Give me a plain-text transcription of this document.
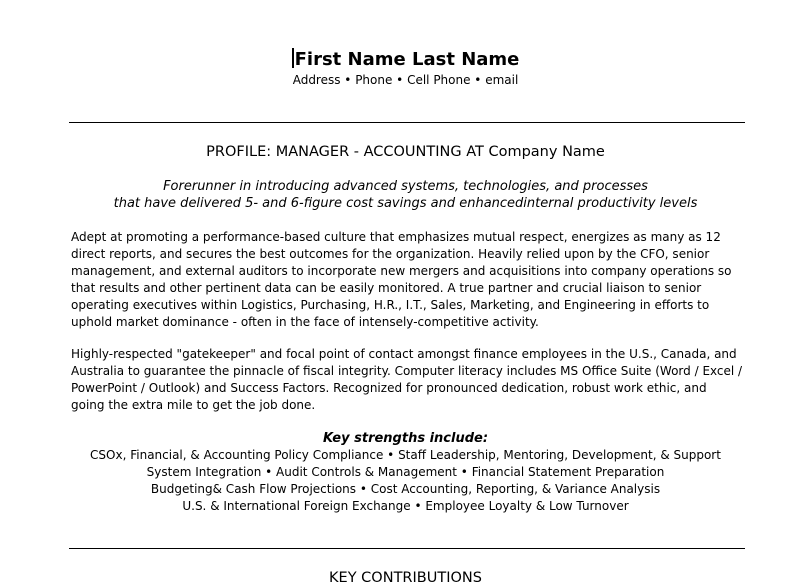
First Name Last Name
Address • Phone • Cell Phone • email
PROFILE: MANAGER - ACCOUNTING AT Company Name
Forerunner in introducing advanced systems, technologies, and processes
that have delivered 5- and 6-figure cost savings and enhancedinternal productivity levels
Adept at promoting a performance-based culture that emphasizes mutual respect, energizes as many as 12 direct reports, and secures the best outcomes for the organization. Heavily relied upon by the CFO, senior management, and external auditors to incorporate new mergers and acquisitions into company operations so that results and other pertinent data can be easily monitored. A true partner and crucial liaison to senior operating executives within Logistics, Purchasing, H.R., I.T., Sales, Marketing, and Engineering in efforts to uphold market dominance - often in the face of intensely-competitive activity.
Highly-respected "gatekeeper" and focal point of contact amongst finance employees in the U.S., Canada, and Australia to guarantee the pinnacle of fiscal integrity. Computer literacy includes MS Office Suite (Word / Excel / PowerPoint / Outlook) and Success Factors. Recognized for pronounced dedication, robust work ethic, and going the extra mile to get the job done.
Key strengths include:
CSOx, Financial, & Accounting Policy Compliance • Staff Leadership, Mentoring, Development, & Support
System Integration • Audit Controls & Management • Financial Statement Preparation
Budgeting& Cash Flow Projections • Cost Accounting, Reporting, & Variance Analysis
U.S. & International Foreign Exchange • Employee Loyalty & Low Turnover
KEY CONTRIBUTIONS
